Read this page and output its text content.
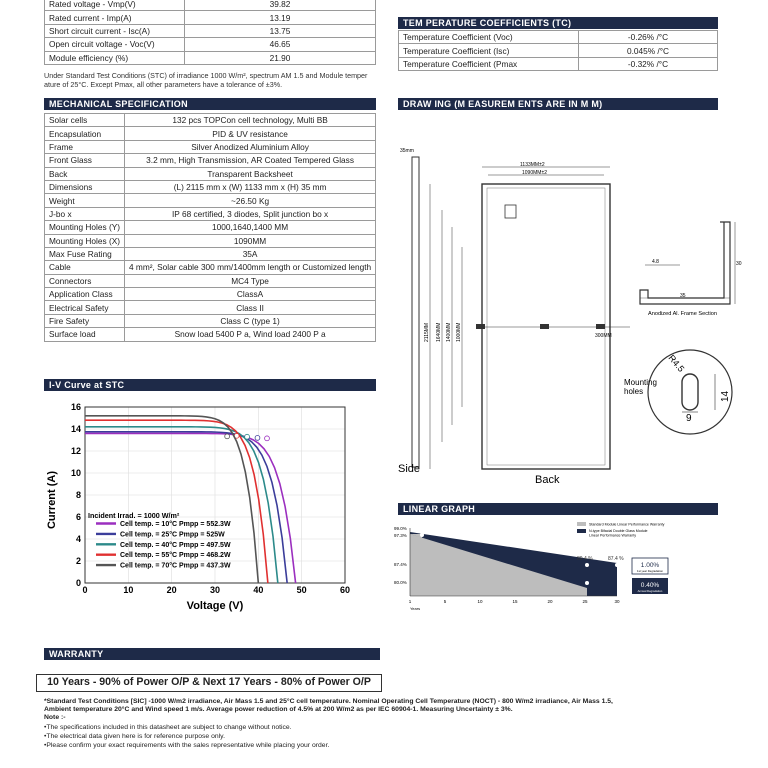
Rated voltage - Vmp(V)	39.82
Rated current - Imp(A)	13.19
Short circuit current - Isc(A)	13.75
Open circuit voltage - Voc(V)	46.65
Module efficiency (%)	21.90
Under Standard Test Conditions (STC) of irradiance 1000 W/m², spectrum AM 1.5 and Module temper ature of 25°C. Except Pmax, all other parameters have a tolerance of ±3%.
MECHANICAL SPECIFICATION
Solar cells	132 pcs TOPCon cell technology, Multi BB
Encapsulation	PID & UV resistance
Frame	Silver Anodized Aluminium Alloy
Front Glass	3.2 mm, High Transmission, AR Coated Tempered Glass
Back	Transparent Backsheet
Dimensions	(L) 2115 mm x (W) 1133 mm x (H) 35 mm
Weight	~26.50 Kg
J-bo x	IP 68 certified, 3 diodes, Split junction bo x
Mounting Holes (Y)	1000,1640,1400 MM
Mounting Holes (X)	1090MM
Max Fuse Rating	35A
Cable	4 mm², Solar cable 300 mm/1400mm length or Customized length
Connectors	MC4 Type
Application Class	ClassA
Electrical Safety	Class II
Fire Safety	Class C (type 1)
Surface load	Snow load 5400 P a, Wind load 2400 P a
TEM PERATURE COEFFICIENTS (TC)
Temperature Coefficient (Voc)	-0.26% /°C
Temperature Coefficient (Isc)	0.045% /°C
Temperature Coefficient (Pmax	-0.32% /°C
DRAW ING (M EASUREM ENTS ARE IN M M)
35mm
Side
1133MM±2
1090MM±2
2115MM 1640MM 1400MM 1000MM	300MM
Back
30
4.8
35
Anodized Al. Frame Section
R4.5
Mounting
holes	14
9
I-V Curve at STC
0	10	20	30	40	50	60
0
2
4
6
8
10
12
14
16
Voltage (V)
Current (A)	Incident Irrad. = 1000 W/m²
Cell temp. = 10°C Pmpp = 552.3W
Cell temp. = 25°C Pmpp = 525W
Cell temp. = 40°C Pmpp = 497.5W
Cell temp. = 55°C Pmpp = 468.2W
Cell temp. = 70°C Pmpp = 437.3W
LINEAR GRAPH
99.0%
97.3%
87.4%
80.0%
89.4 %	87.4 %
1	5	10	15	20	25	30
Years
Standard Module Linear Performance Warranty
N-type Bifacial Double Glass Module
Linear Performance Warranty
1.00%
1st year Degradation
0.40%
Annual Degradation
WARRANTY
10 Years - 90% of Power O/P & Next 17 Years - 80% of Power O/P
*Standard Test Conditions [SIC] -1000 W/m2 irradiance, Air Mass 1.5 and 25°C cell temperature. Nominal Operating Cell Temperature (NOCT) - 800 W/m2 irradiance, Air Mass 1.5,
Ambient temperature 20°C and Wind speed 1 m/s. Average power reduction of 4.5% at 200 W/m2 as per IEC 60904-1. Measuring Uncertainty ± 3%.
Note :-
•The specifications included in this datasheet are subject to change without notice.
•The electrical data given here is for reference purpose only.
•Please confirm your exact requirements with the sales representative while placing your order.
